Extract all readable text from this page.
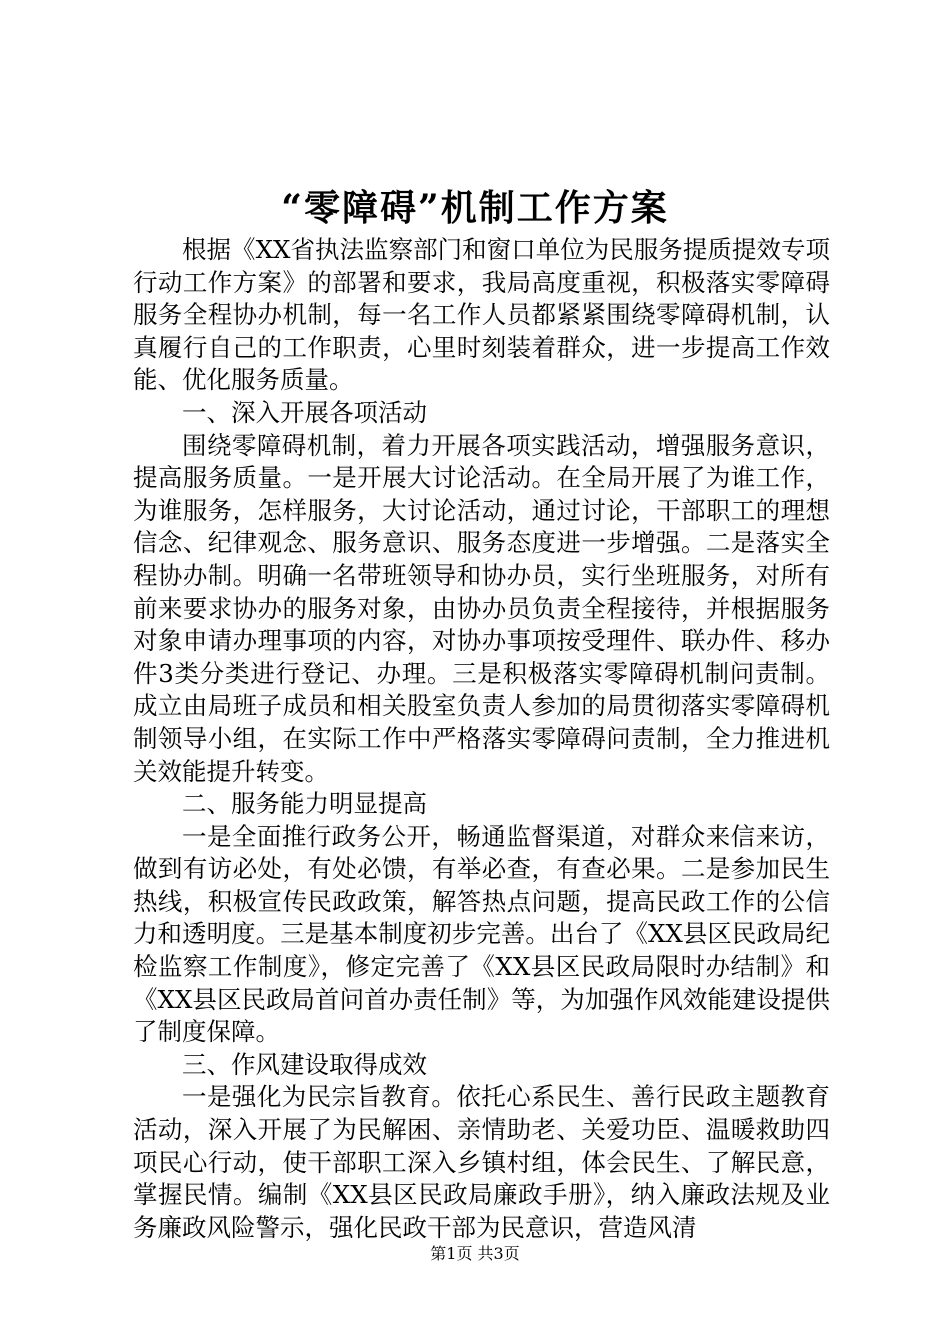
“零障碍”机制工作方案

根据《XX省执法监察部门和窗口单位为民服务提质提效专项行动工作方案》的部署和要求，我局高度重视，积极落实零障碍服务全程协办机制，每一名工作人员都紧紧围绕零障碍机制，认真履行自己的工作职责，心里时刻装着群众，进一步提高工作效能、优化服务质量。

一、深入开展各项活动

围绕零障碍机制，着力开展各项实践活动，增强服务意识，提高服务质量。一是开展大讨论活动。在全局开展了为谁工作，为谁服务，怎样服务，大讨论活动，通过讨论，干部职工的理想信念、纪律观念、服务意识、服务态度进一步增强。二是落实全程协办制。明确一名带班领导和协办员，实行坐班服务，对所有前来要求协办的服务对象，由协办员负责全程接待，并根据服务对象申请办理事项的内容，对协办事项按受理件、联办件、移办件3类分类进行登记、办理。三是积极落实零障碍机制问责制。成立由局班子成员和相关股室负责人参加的局贯彻落实零障碍机制领导小组，在实际工作中严格落实零障碍问责制，全力推进机关效能提升转变。

二、服务能力明显提高

一是全面推行政务公开，畅通监督渠道，对群众来信来访，做到有访必处，有处必馈，有举必查，有查必果。二是参加民生热线，积极宣传民政政策，解答热点问题，提高民政工作的公信力和透明度。三是基本制度初步完善。出台了《XX县区民政局纪检监察工作制度》，修定完善了《XX县区民政局限时办结制》和《XX县区民政局首问首办责任制》等，为加强作风效能建设提供了制度保障。

三、作风建设取得成效

一是强化为民宗旨教育。依托心系民生、善行民政主题教育活动，深入开展了为民解困、亲情助老、关爱功臣、温暖救助四项民心行动，使干部职工深入乡镇村组，体会民生、了解民意，掌握民情。编制《XX县区民政局廉政手册》，纳入廉政法规及业务廉政风险警示，强化民政干部为民意识，营造风清

第1页 共3页
